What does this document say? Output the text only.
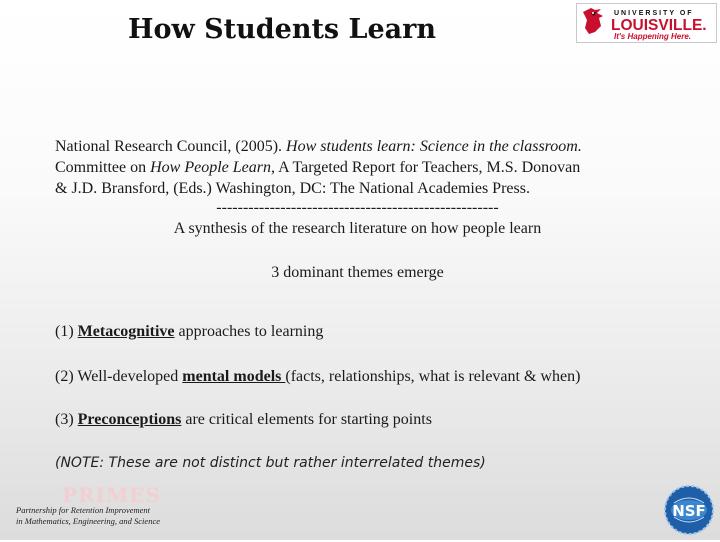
How Students Learn
UNIVERSITY OF
LOUISVILLE.
It's Happening Here.
National Research Council, (2005). How students learn: Science in the classroom.
Committee on How People Learn, A Targeted Report for Teachers, M.S. Donovan
& J.D. Bransford, (Eds.) Washington, DC: The National Academies Press.
-----------------------------------------------------
A synthesis of the research literature on how people learn
3 dominant themes emerge
(1) Metacognitive approaches to learning
(2) Well-developed mental models (facts, relationships, what is relevant & when)
(3) Preconceptions are critical elements for starting points
(NOTE: These are not distinct but rather interrelated themes)
PRIMES
Partnership for Retention Improvement
in Mathematics, Engineering, and Science
NSF
